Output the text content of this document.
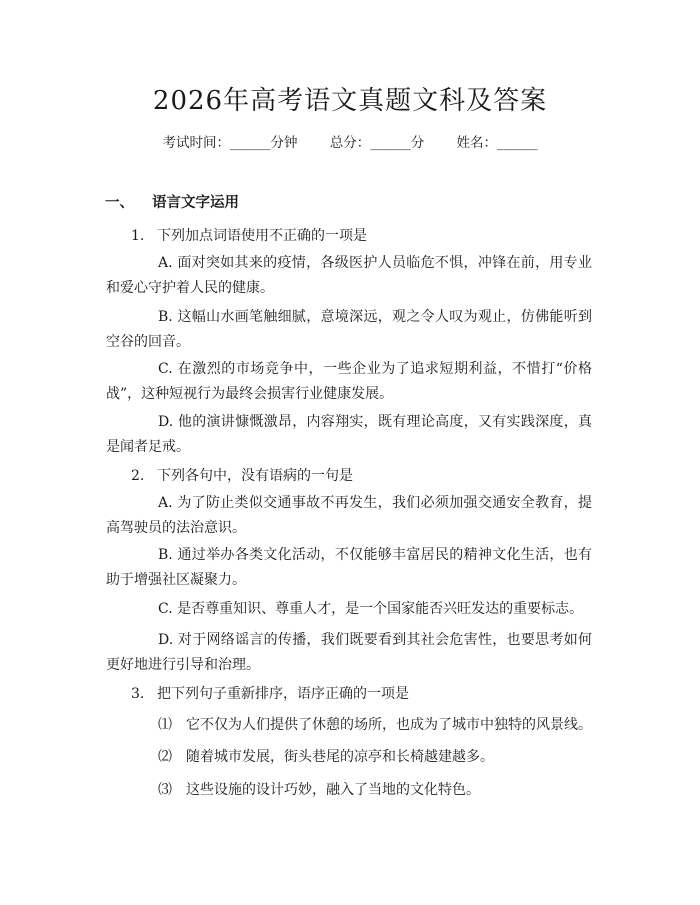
2026年高考语文真题文科及答案
考试时间：______分钟 总分：______分 姓名：______
一、 语言文字运用
1. 下列加点词语使用不正确的一项是
A. 面对突如其来的疫情，各级医护人员临危不惧，冲锋在前，用专业和爱心守护着人民的健康。
B. 这幅山水画笔触细腻，意境深远，观之令人叹为观止，仿佛能听到空谷的回音。
C. 在激烈的市场竞争中，一些企业为了追求短期利益，不惜打“价格战”，这种短视行为最终会损害行业健康发展。
D. 他的演讲慷慨激昂，内容翔实，既有理论高度，又有实践深度，真是闻者足戒。
2. 下列各句中，没有语病的一句是
A. 为了防止类似交通事故不再发生，我们必须加强交通安全教育，提高驾驶员的法治意识。
B. 通过举办各类文化活动，不仅能够丰富居民的精神文化生活，也有助于增强社区凝聚力。
C. 是否尊重知识、尊重人才，是一个国家能否兴旺发达的重要标志。
D. 对于网络谣言的传播，我们既要看到其社会危害性，也要思考如何更好地进行引导和治理。
3. 把下列句子重新排序，语序正确的一项是
⑴ 它不仅为人们提供了休憩的场所，也成为了城市中独特的风景线。
⑵ 随着城市发展，街头巷尾的凉亭和长椅越建越多。
⑶ 这些设施的设计巧妙，融入了当地的文化特色。
